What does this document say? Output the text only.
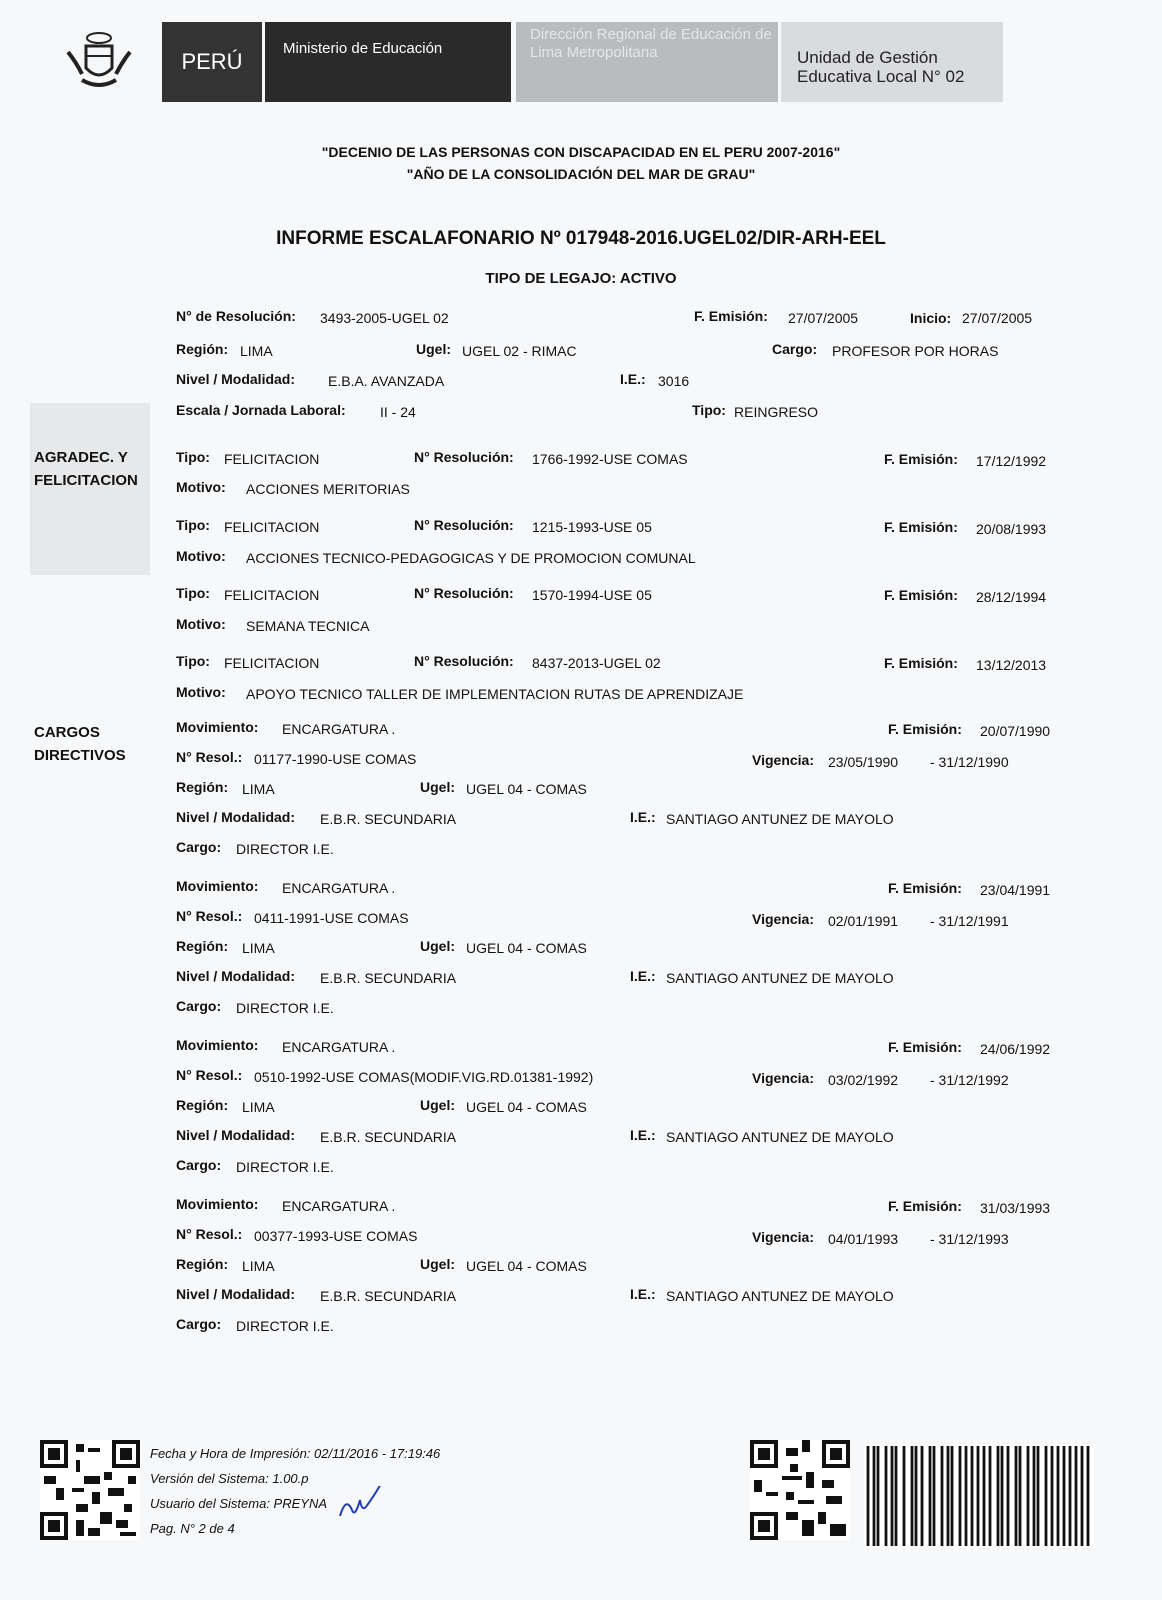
PERÚ
Ministerio de Educación
Dirección Regional de Educación de Lima Metropolitana	Unidad de Gestión Educativa Local N° 02
"DECENIO DE LAS PERSONAS CON DISCAPACIDAD EN EL PERU 2007-2016"
"AÑO DE LA CONSOLIDACIÓN DEL MAR DE GRAU"
INFORME ESCALAFONARIO Nº 017948-2016.UGEL02/DIR-ARH-EEL
TIPO DE LEGAJO: ACTIVO
N° de Resolución: 3493-2005-UGEL 02	F. Emisión: 27/07/2005	Inicio: 27/07/2005
Región: LIMA	Ugel: UGEL 02 - RIMAC	Cargo: PROFESOR POR HORAS
Nivel / Modalidad: E.B.A. AVANZADA	I.E.: 3016
Escala / Jornada Laboral: II - 24	Tipo: REINGRESO
AGRADEC. Y FELICITACION
CARGOS DIRECTIVOS
Tipo: FELICITACION	N° Resolución: 1766-1992-USE COMAS	F. Emisión: 17/12/1992
Motivo: ACCIONES MERITORIAS
Tipo: FELICITACION	N° Resolución: 1215-1993-USE 05	F. Emisión: 20/08/1993
Motivo: ACCIONES TECNICO-PEDAGOGICAS Y DE PROMOCION COMUNAL
Tipo: FELICITACION	N° Resolución: 1570-1994-USE 05	F. Emisión: 28/12/1994
Motivo: SEMANA TECNICA
Tipo: FELICITACION	N° Resolución: 8437-2013-UGEL 02	F. Emisión: 13/12/2013
Motivo: APOYO TECNICO TALLER DE IMPLEMENTACION RUTAS DE APRENDIZAJE
Movimiento: ENCARGATURA .	F. Emisión: 20/07/1990
N° Resol.: 01177-1990-USE COMAS	Vigencia: 23/05/1990 - 31/12/1990
Región: LIMA	Ugel: UGEL 04 - COMAS
Nivel / Modalidad: E.B.R. SECUNDARIA	I.E.: SANTIAGO ANTUNEZ DE MAYOLO
Cargo: DIRECTOR I.E.
Movimiento: ENCARGATURA .	F. Emisión: 23/04/1991
N° Resol.: 0411-1991-USE COMAS	Vigencia: 02/01/1991 - 31/12/1991
Región: LIMA	Ugel: UGEL 04 - COMAS
Nivel / Modalidad: E.B.R. SECUNDARIA	I.E.: SANTIAGO ANTUNEZ DE MAYOLO
Cargo: DIRECTOR I.E.
Movimiento: ENCARGATURA .	F. Emisión: 24/06/1992
N° Resol.: 0510-1992-USE COMAS(MODIF.VIG.RD.01381-1992)	Vigencia: 03/02/1992 - 31/12/1992
Región: LIMA	Ugel: UGEL 04 - COMAS
Nivel / Modalidad: E.B.R. SECUNDARIA	I.E.: SANTIAGO ANTUNEZ DE MAYOLO
Cargo: DIRECTOR I.E.
Movimiento: ENCARGATURA .	F. Emisión: 31/03/1993
N° Resol.: 00377-1993-USE COMAS	Vigencia: 04/01/1993 - 31/12/1993
Región: LIMA	Ugel: UGEL 04 - COMAS
Nivel / Modalidad: E.B.R. SECUNDARIA	I.E.: SANTIAGO ANTUNEZ DE MAYOLO
Cargo: DIRECTOR I.E.
Fecha y Hora de Impresión: 02/11/2016 - 17:19:46
Versión del Sistema: 1.00.p
Usuario del Sistema: PREYNA
Pag. N° 2 de 4
